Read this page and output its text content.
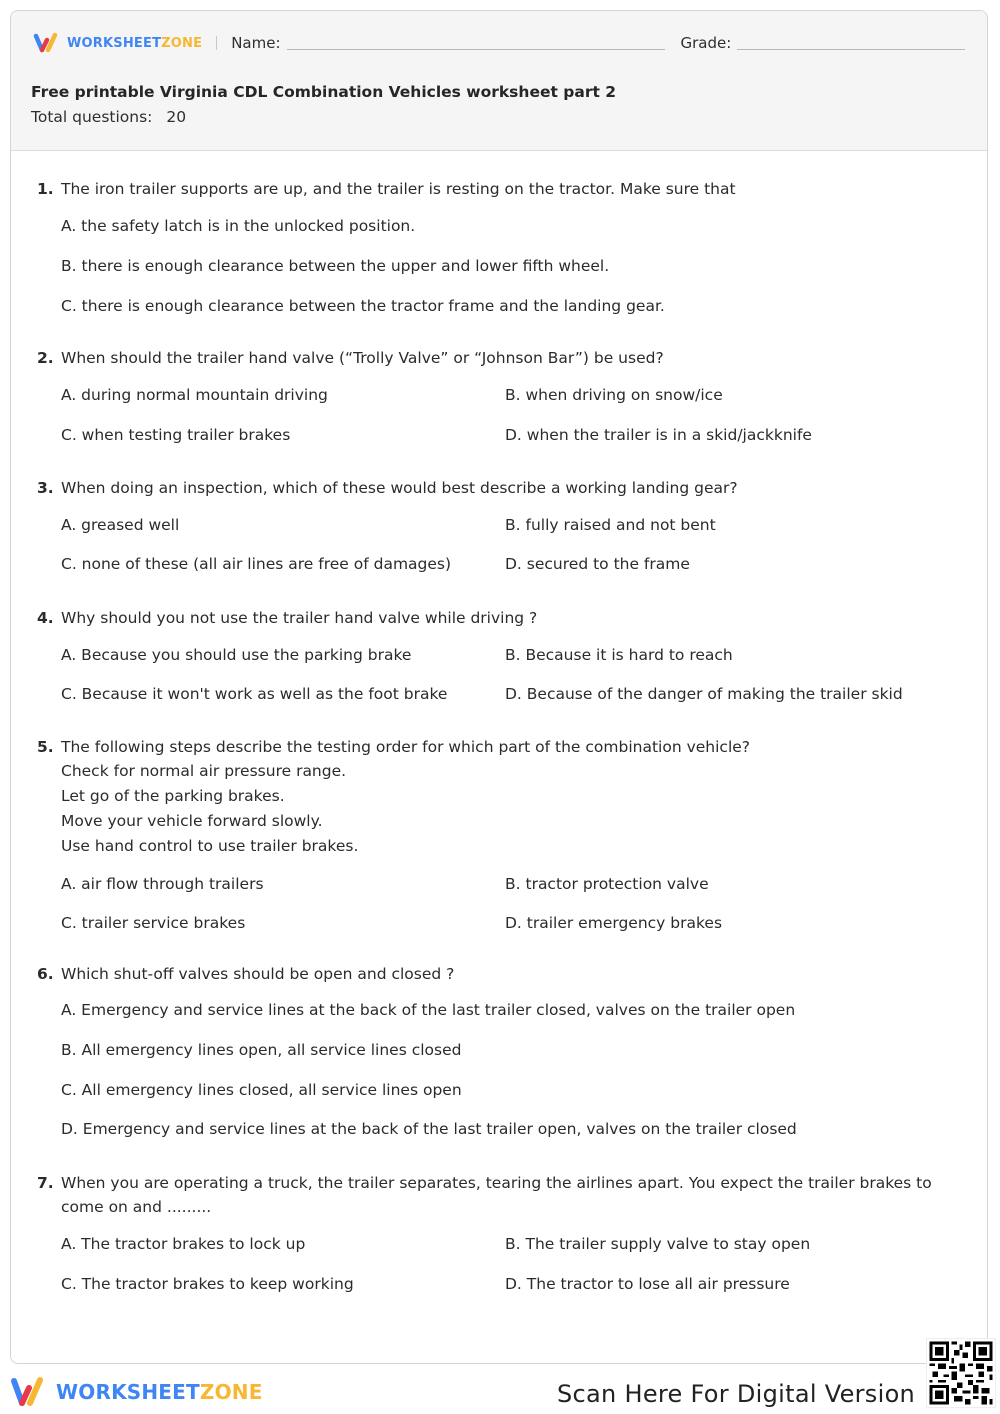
WORKSHEETZONE Name:	Grade:
Free printable Virginia CDL Combination Vehicles worksheet part 2
Total questions: 20
1. The iron trailer supports are up, and the trailer is resting on the tractor. Make sure that
A. the safety latch is in the unlocked position.
B. there is enough clearance between the upper and lower fifth wheel.
C. there is enough clearance between the tractor frame and the landing gear.
2. When should the trailer hand valve (“Trolly Valve” or “Johnson Bar”) be used?
A. during normal mountain driving	B. when driving on snow/ice
C. when testing trailer brakes	D. when the trailer is in a skid/jackknife
3. When doing an inspection, which of these would best describe a working landing gear?
A. greased well	B. fully raised and not bent
C. none of these (all air lines are free of damages)	D. secured to the frame
4. Why should you not use the trailer hand valve while driving ?
A. Because you should use the parking brake	B. Because it is hard to reach
C. Because it won't work as well as the foot brake	D. Because of the danger of making the trailer skid
5. The following steps describe the testing order for which part of the combination vehicle?
Check for normal air pressure range.
Let go of the parking brakes.
Move your vehicle forward slowly.
Use hand control to use trailer brakes.
A. air flow through trailers	B. tractor protection valve
C. trailer service brakes	D. trailer emergency brakes
6. Which shut-off valves should be open and closed ?
A. Emergency and service lines at the back of the last trailer closed, valves on the trailer open
B. All emergency lines open, all service lines closed
C. All emergency lines closed, all service lines open
D. Emergency and service lines at the back of the last trailer open, valves on the trailer closed
7. When you are operating a truck, the trailer separates, tearing the airlines apart. You expect the trailer brakes to come on and .........
A. The tractor brakes to lock up	B. The trailer supply valve to stay open
C. The tractor brakes to keep working	D. The tractor to lose all air pressure
WORKSHEETZONE	Scan Here For Digital Version
